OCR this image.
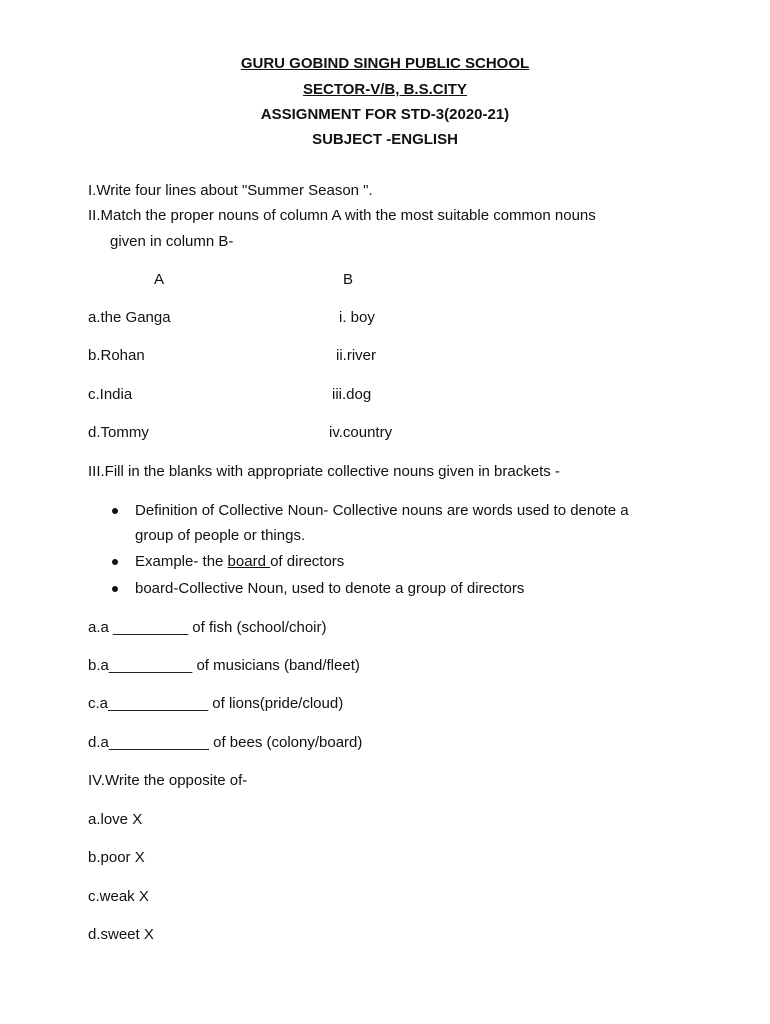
GURU GOBIND SINGH PUBLIC SCHOOL
SECTOR-V/B, B.S.CITY
ASSIGNMENT FOR STD-3(2020-21)
SUBJECT -ENGLISH
I.Write four lines about "Summer Season ".
II.Match the proper nouns of column A with the most suitable common nouns
given in column B-
A	B
a.the Ganga	i. boy
b.Rohan	ii.river
c.India	iii.dog
d.Tommy	iv.country
III.Fill in the blanks with appropriate collective nouns given in brackets -
Definition of Collective Noun- Collective nouns are words used to denote a
group of people or things.
Example- the board of directors
board-Collective Noun, used to denote a group of directors
a.a _________ of fish (school/choir)
b.a__________ of musicians (band/fleet)
c.a____________ of lions(pride/cloud)
d.a____________ of bees (colony/board)
IV.Write the opposite of-
a.love X
b.poor X
c.weak X
d.sweet X
